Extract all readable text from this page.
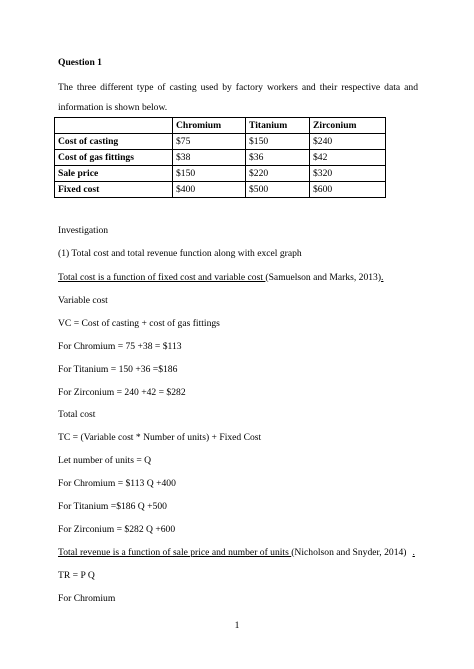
Question 1
The three different type of casting used by factory workers and their respective data and information is shown below.
	Chromium	Titanium	Zirconium
Cost of casting	$75	$150	$240
Cost of gas fittings	$38	$36	$42
Sale price	$150	$220	$320
Fixed cost	$400	$500	$600
Investigation
(1) Total cost and total revenue function along with excel graph
Total cost is a function of fixed cost and variable cost (Samuelson and Marks, 2013).
Variable cost
VC = Cost of casting + cost of gas fittings
For Chromium = 75 +38 = $113
For Titanium = 150 +36 =$186
For Zirconium = 240 +42 = $282
Total cost
TC = (Variable cost * Number of units) + Fixed Cost
Let number of units = Q
For Chromium = $113 Q +400
For Titanium =$186 Q +500
For Zirconium = $282 Q +600
Total revenue is a function of sale price and number of units (Nicholson and Snyder, 2014) .
TR = P Q
For Chromium
1
